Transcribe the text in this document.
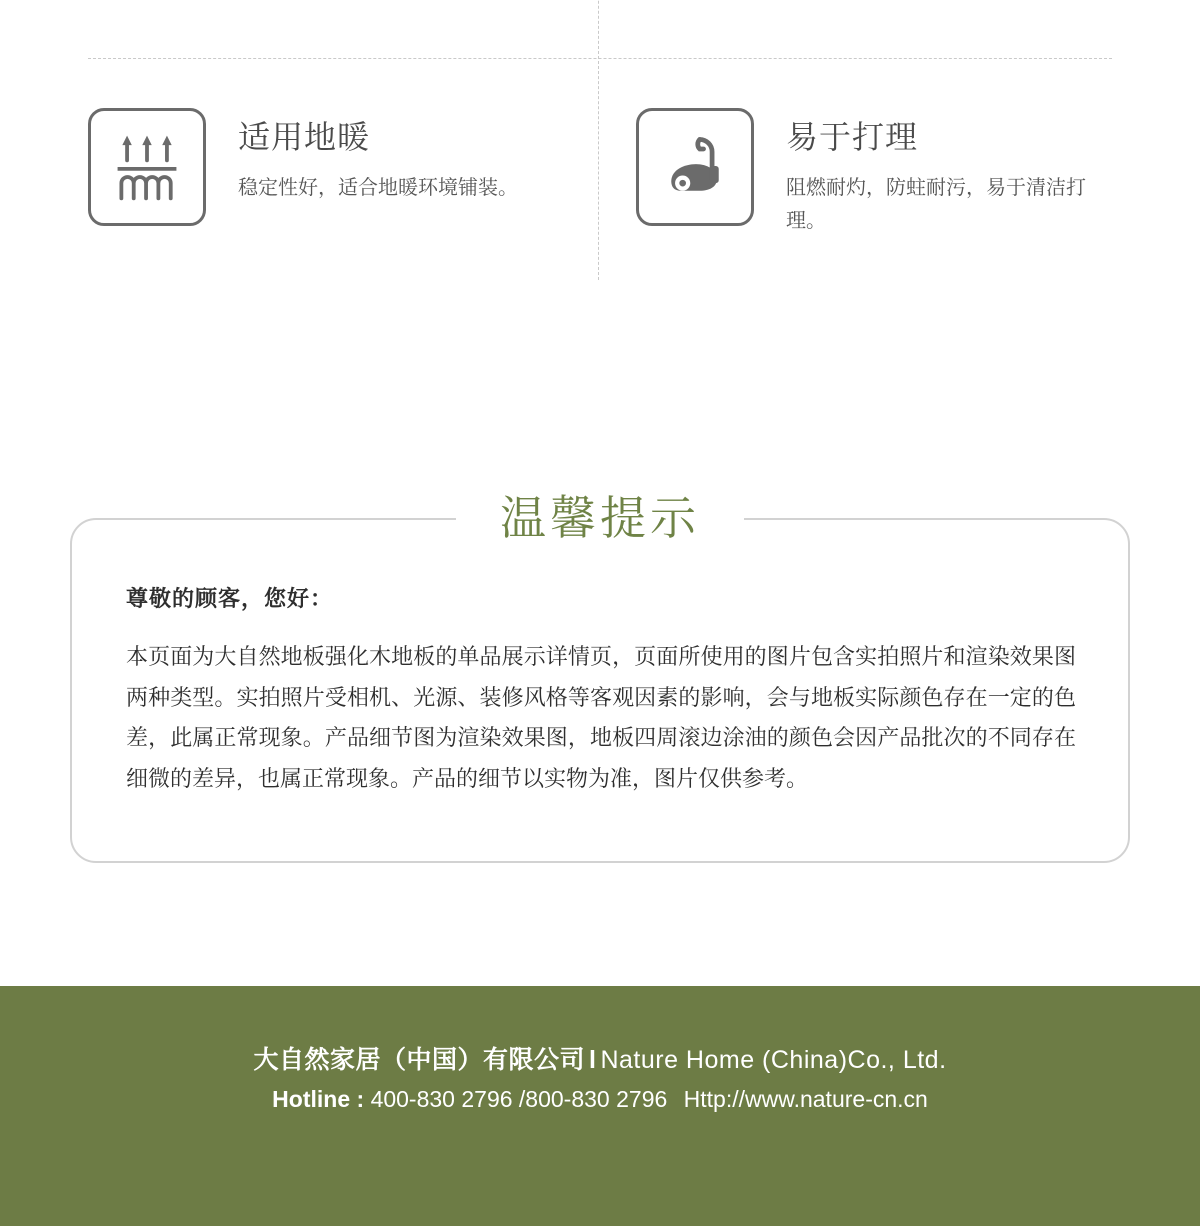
适用地暖

稳定性好，适合地暖环境铺装。

易于打理

阻燃耐灼，防蛀耐污，易于清洁打理。

温馨提示

尊敬的顾客，您好：

本页面为大自然地板强化木地板的单品展示详情页，页面所使用的图片包含实拍照片和渲染效果图两种类型。实拍照片受相机、光源、装修风格等客观因素的影响，会与地板实际颜色存在一定的色差，此属正常现象。产品细节图为渲染效果图，地板四周滚边涂油的颜色会因产品批次的不同存在细微的差异，也属正常现象。产品的细节以实物为准，图片仅供参考。

大自然家居（中国）有限公司 l Nature Home (China)Co., Ltd.
Hotline : 400-830 2796 /800-830 2796 Http://www.nature-cn.cn
